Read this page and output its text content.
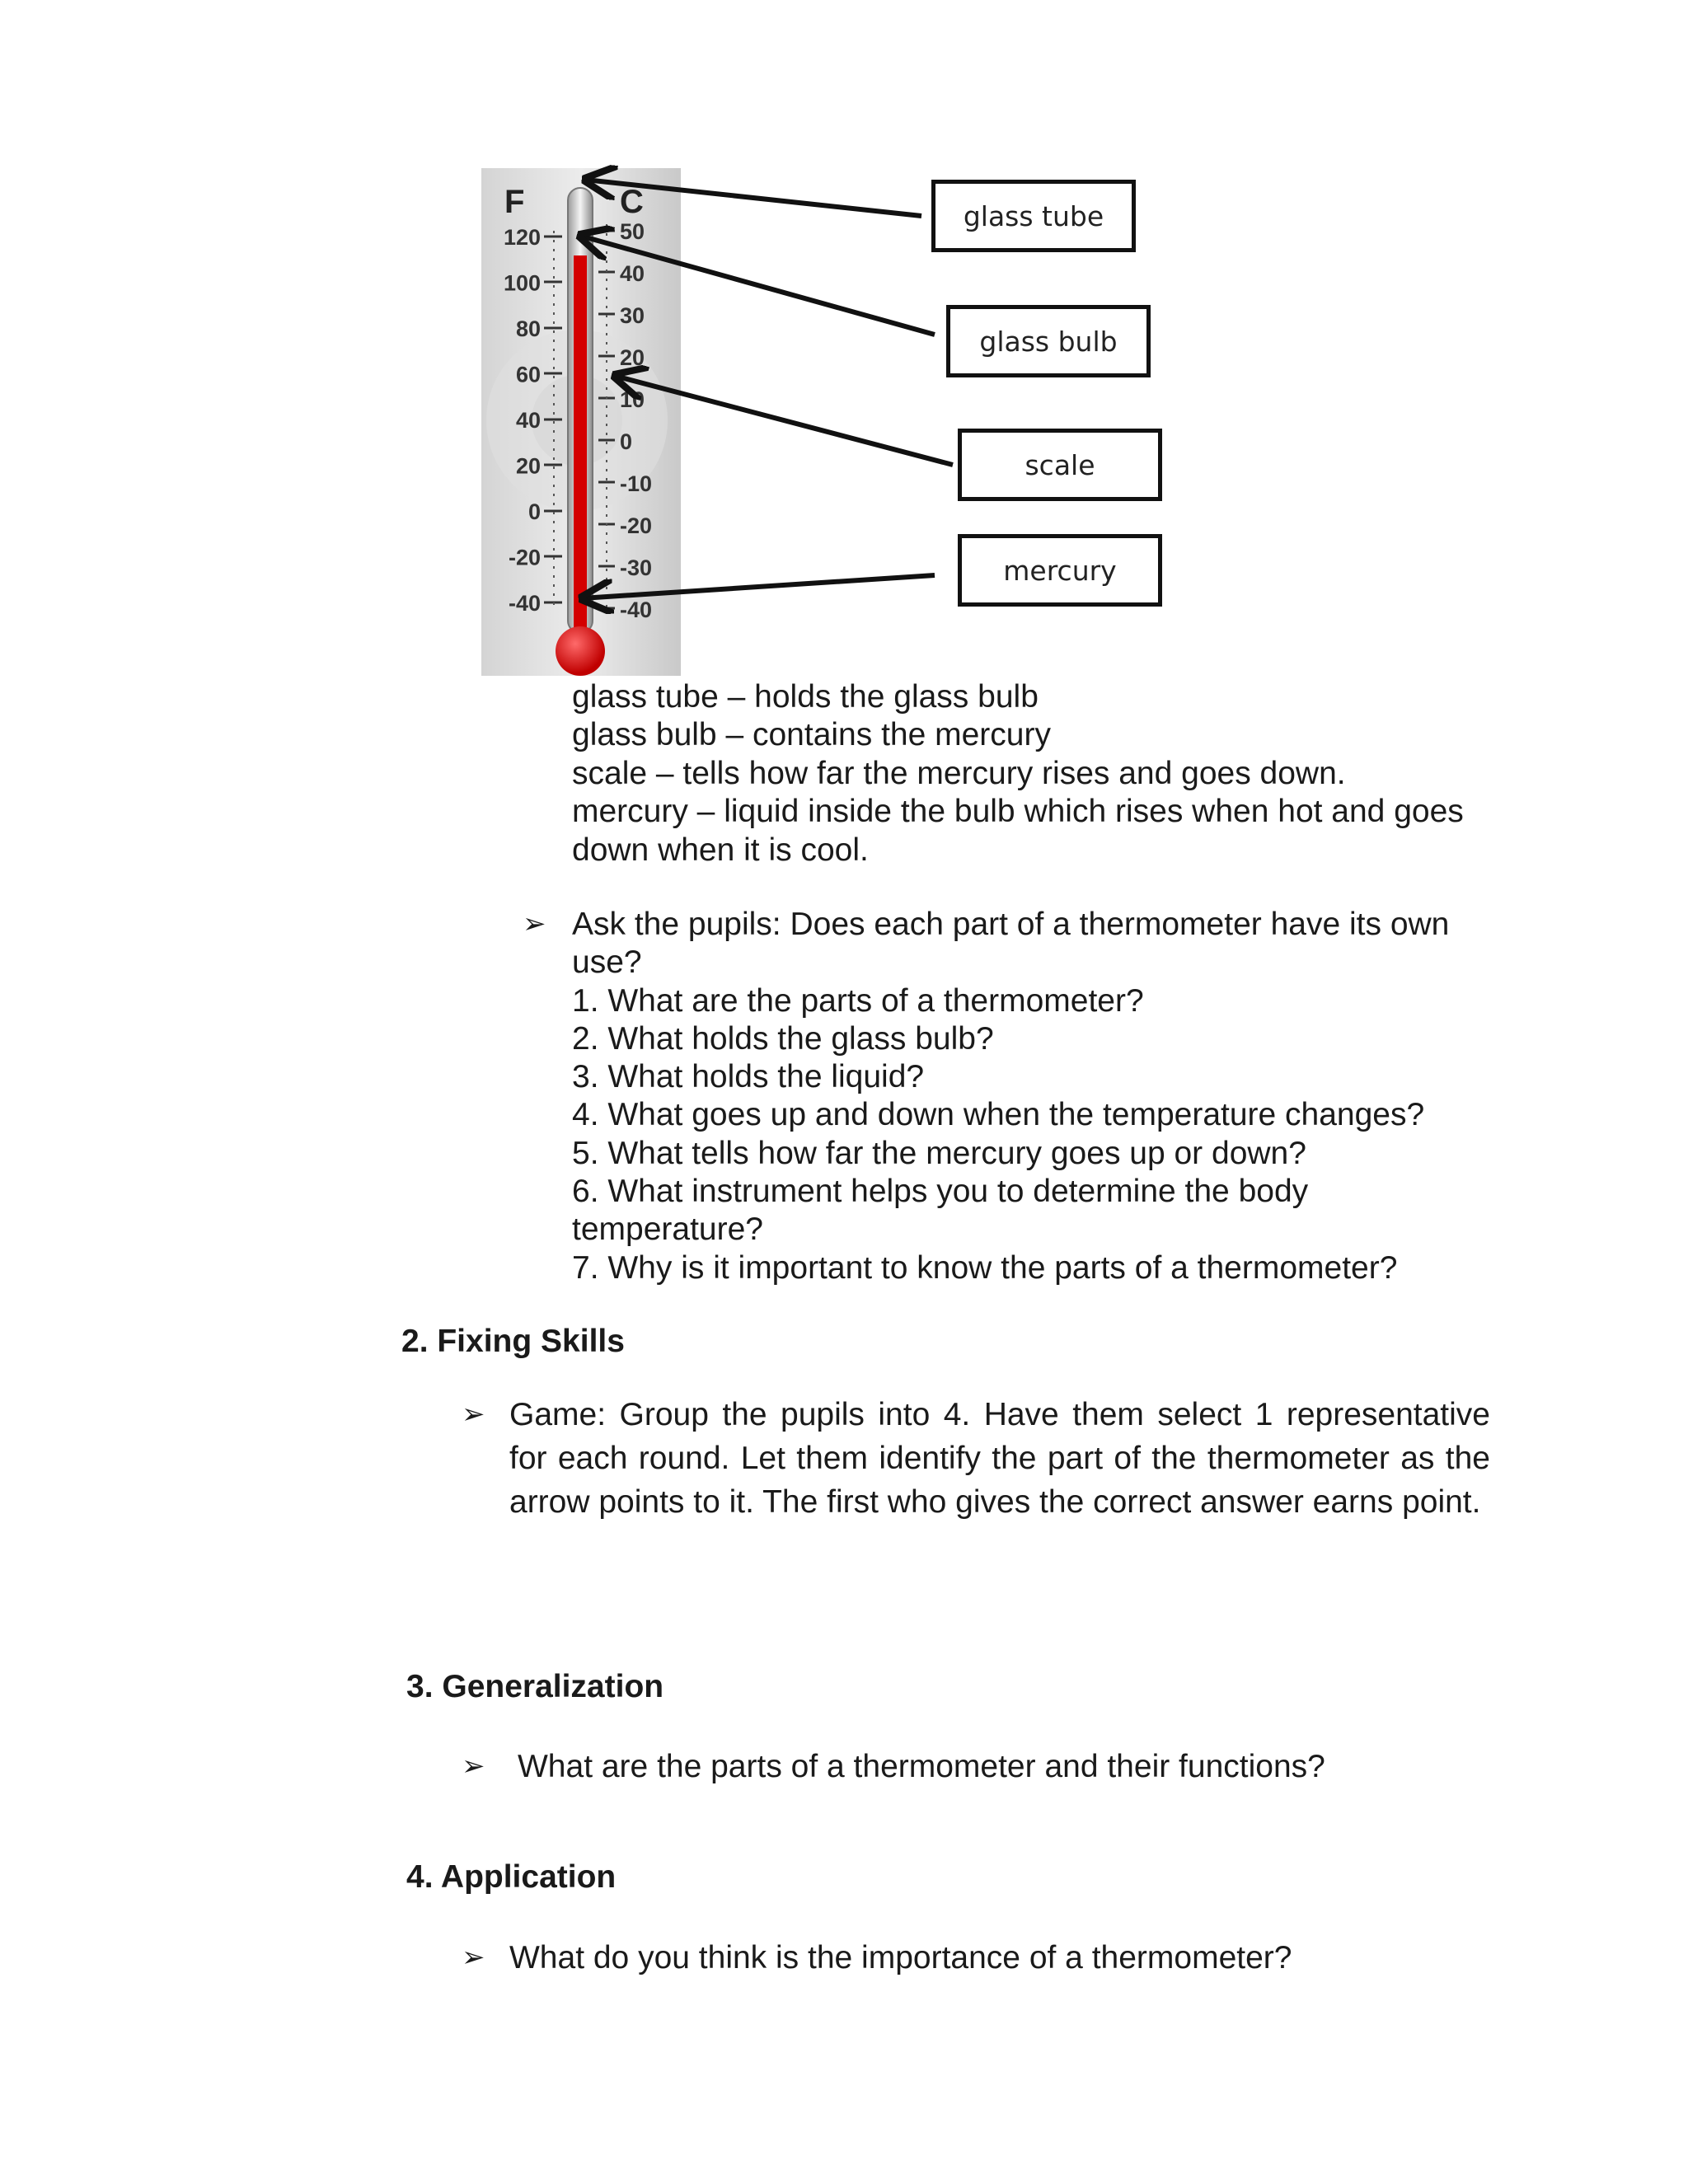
F	C
120
100
80
60
40
20
0
-20
-40
50
40
30
20
10
0
-10
-20
-30
-40
glass tube
glass bulb
scale
mercury
glass tube – holds the glass bulb
glass bulb – contains the mercury
scale – tells how far the mercury rises and goes down.
mercury – liquid inside the bulb which rises when hot and goes
down when it is cool.
➢ Ask the pupils: Does each part of a thermometer have its own
use?
1. What are the parts of a thermometer?
2. What holds the glass bulb?
3. What holds the liquid?
4. What goes up and down when the temperature changes?
5. What tells how far the mercury goes up or down?
6. What instrument helps you to determine the body
temperature?
7. Why is it important to know the parts of a thermometer?
2. Fixing Skills
➢ Game: Group the pupils into 4. Have them select 1 representative for each round. Let them identify the part of the thermometer as the arrow points to it. The first who gives the correct answer earns point.
3. Generalization
➢ What are the parts of a thermometer and their functions?
4. Application
➢ What do you think is the importance of a thermometer?
